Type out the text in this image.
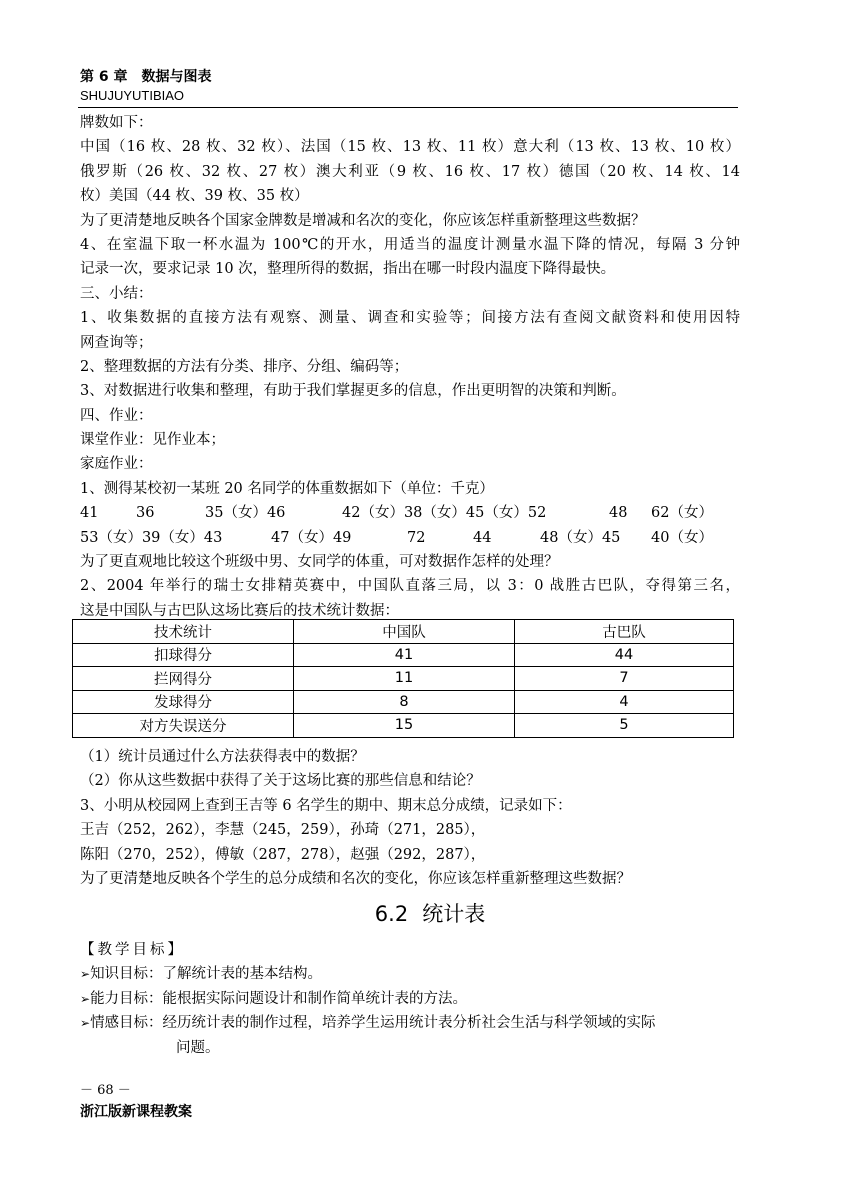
第 6 章 数据与图表
SHUJUYUTIBIAO
牌数如下：
中国（16 枚、28 枚、32 枚）、法国（15 枚、13 枚、11 枚）意大利（13 枚、13 枚、10 枚）
俄罗斯（26 枚、32 枚、27 枚）澳大利亚（9 枚、16 枚、17 枚）德国（20 枚、14 枚、14
枚）美国（44 枚、39 枚、35 枚）
为了更清楚地反映各个国家金牌数是增减和名次的变化，你应该怎样重新整理这些数据？
4、在室温下取一杯水温为 100℃的开水，用适当的温度计测量水温下降的情况，每隔 3 分钟
记录一次，要求记录 10 次，整理所得的数据，指出在哪一时段内温度下降得最快。
三、小结：
1、收集数据的直接方法有观察、测量、调查和实验等；间接方法有查阅文献资料和使用因特
网查询等；
2、整理数据的方法有分类、排序、分组、编码等；
3、对数据进行收集和整理，有助于我们掌握更多的信息，作出更明智的决策和判断。
四、作业：
课堂作业：见作业本；
家庭作业：
1、测得某校初一某班 20 名同学的体重数据如下（单位：千克）
41	36	35（女）46	42（女）38（女）45（女）52	48 62（女）
53（女）39（女）43	47（女）49	72	44	48（女）45 40（女）
为了更直观地比较这个班级中男、女同学的体重，可对数据作怎样的处理？
2、2004 年举行的瑞士女排精英赛中，中国队直落三局，以 3：0 战胜古巴队，夺得第三名，
这是中国队与古巴队这场比赛后的技术统计数据：
技术统计	中国队	古巴队
扣球得分	41	44
拦网得分	11	7
发球得分	8	4
对方失误送分	15	5
（1）统计员通过什么方法获得表中的数据？
（2）你从这些数据中获得了关于这场比赛的那些信息和结论？
3、小明从校园网上查到王吉等 6 名学生的期中、期末总分成绩，记录如下：
王吉（252，262），李慧（245，259），孙琦（271，285），
陈阳（270，252），傅敏（287，278），赵强（292，287），
为了更清楚地反映各个学生的总分成绩和名次的变化，你应该怎样重新整理这些数据？
6.2 统计表
【教学目标】
➢知识目标：了解统计表的基本结构。
➢能力目标：能根据实际问题设计和制作简单统计表的方法。
➢情感目标：经历统计表的制作过程，培养学生运用统计表分析社会生活与科学领域的实际
问题。
－ 68 －
浙江版新课程教案
